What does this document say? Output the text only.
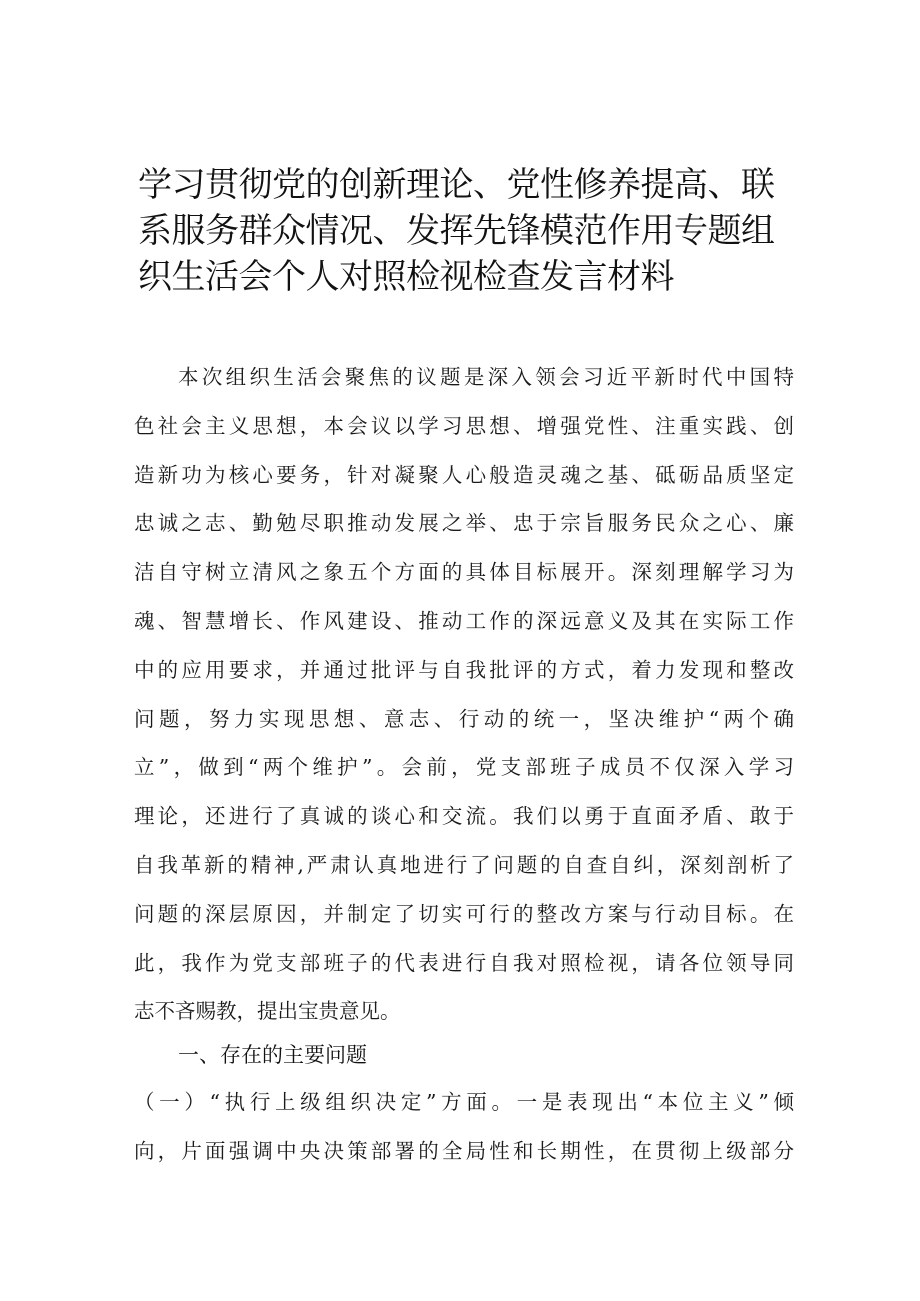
学习贯彻党的创新理论、党性修养提高、联
系服务群众情况、发挥先锋模范作用专题组
织生活会个人对照检视检查发言材料
本次组织生活会聚焦的议题是深入领会习近平新时代中国特
色社会主义思想，本会议以学习思想、增强党性、注重实践、创
造新功为核心要务，针对凝聚人心般造灵魂之基、砥砺品质坚定
忠诚之志、勤勉尽职推动发展之举、忠于宗旨服务民众之心、廉
洁自守树立清风之象五个方面的具体目标展开。深刻理解学习为
魂、智慧增长、作风建设、推动工作的深远意义及其在实际工作
中的应用要求，并通过批评与自我批评的方式，着力发现和整改
问题，努力实现思想、意志、行动的统一，坚决维护“两个确
立”，做到“两个维护”。会前，党支部班子成员不仅深入学习
理论，还进行了真诚的谈心和交流。我们以勇于直面矛盾、敢于
自我革新的精神,严肃认真地进行了问题的自查自纠，深刻剖析了
问题的深层原因，并制定了切实可行的整改方案与行动目标。在
此，我作为党支部班子的代表进行自我对照检视，请各位领导同
志不吝赐教，提出宝贵意见。
一、存在的主要问题
（一）“执行上级组织决定”方面。一是表现出“本位主义”倾
向，片面强调中央决策部署的全局性和长期性，在贯彻上级部分
